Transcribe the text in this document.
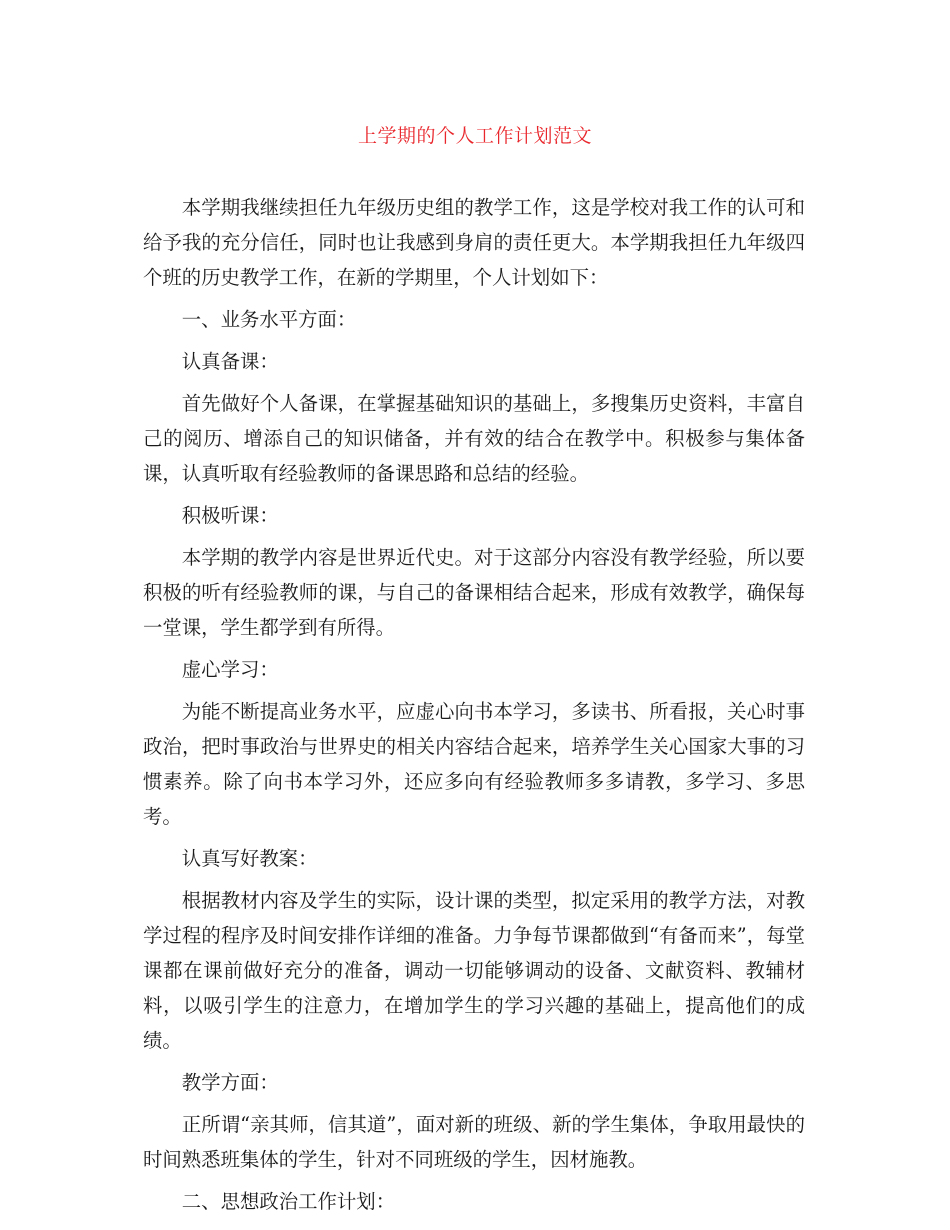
上学期的个人工作计划范文

本学期我继续担任九年级历史组的教学工作，这是学校对我工作的认可和给予我的充分信任，同时也让我感到身肩的责任更大。本学期我担任九年级四个班的历史教学工作，在新的学期里，个人计划如下：

一、业务水平方面：

认真备课：

首先做好个人备课，在掌握基础知识的基础上，多搜集历史资料，丰富自己的阅历、增添自己的知识储备，并有效的结合在教学中。积极参与集体备课，认真听取有经验教师的备课思路和总结的经验。

积极听课：

本学期的教学内容是世界近代史。对于这部分内容没有教学经验，所以要积极的听有经验教师的课，与自己的备课相结合起来，形成有效教学，确保每一堂课，学生都学到有所得。

虚心学习：

为能不断提高业务水平，应虚心向书本学习，多读书、所看报，关心时事政治，把时事政治与世界史的相关内容结合起来，培养学生关心国家大事的习惯素养。除了向书本学习外，还应多向有经验教师多多请教，多学习、多思考。

认真写好教案：

根据教材内容及学生的实际，设计课的类型，拟定采用的教学方法，对教学过程的程序及时间安排作详细的准备。力争每节课都做到“有备而来”，每堂课都在课前做好充分的准备，调动一切能够调动的设备、文献资料、教辅材料，以吸引学生的注意力，在增加学生的学习兴趣的基础上，提高他们的成绩。

教学方面：

正所谓“亲其师，信其道”，面对新的班级、新的学生集体，争取用最快的时间熟悉班集体的学生，针对不同班级的学生，因材施教。

二、思想政治工作计划：
